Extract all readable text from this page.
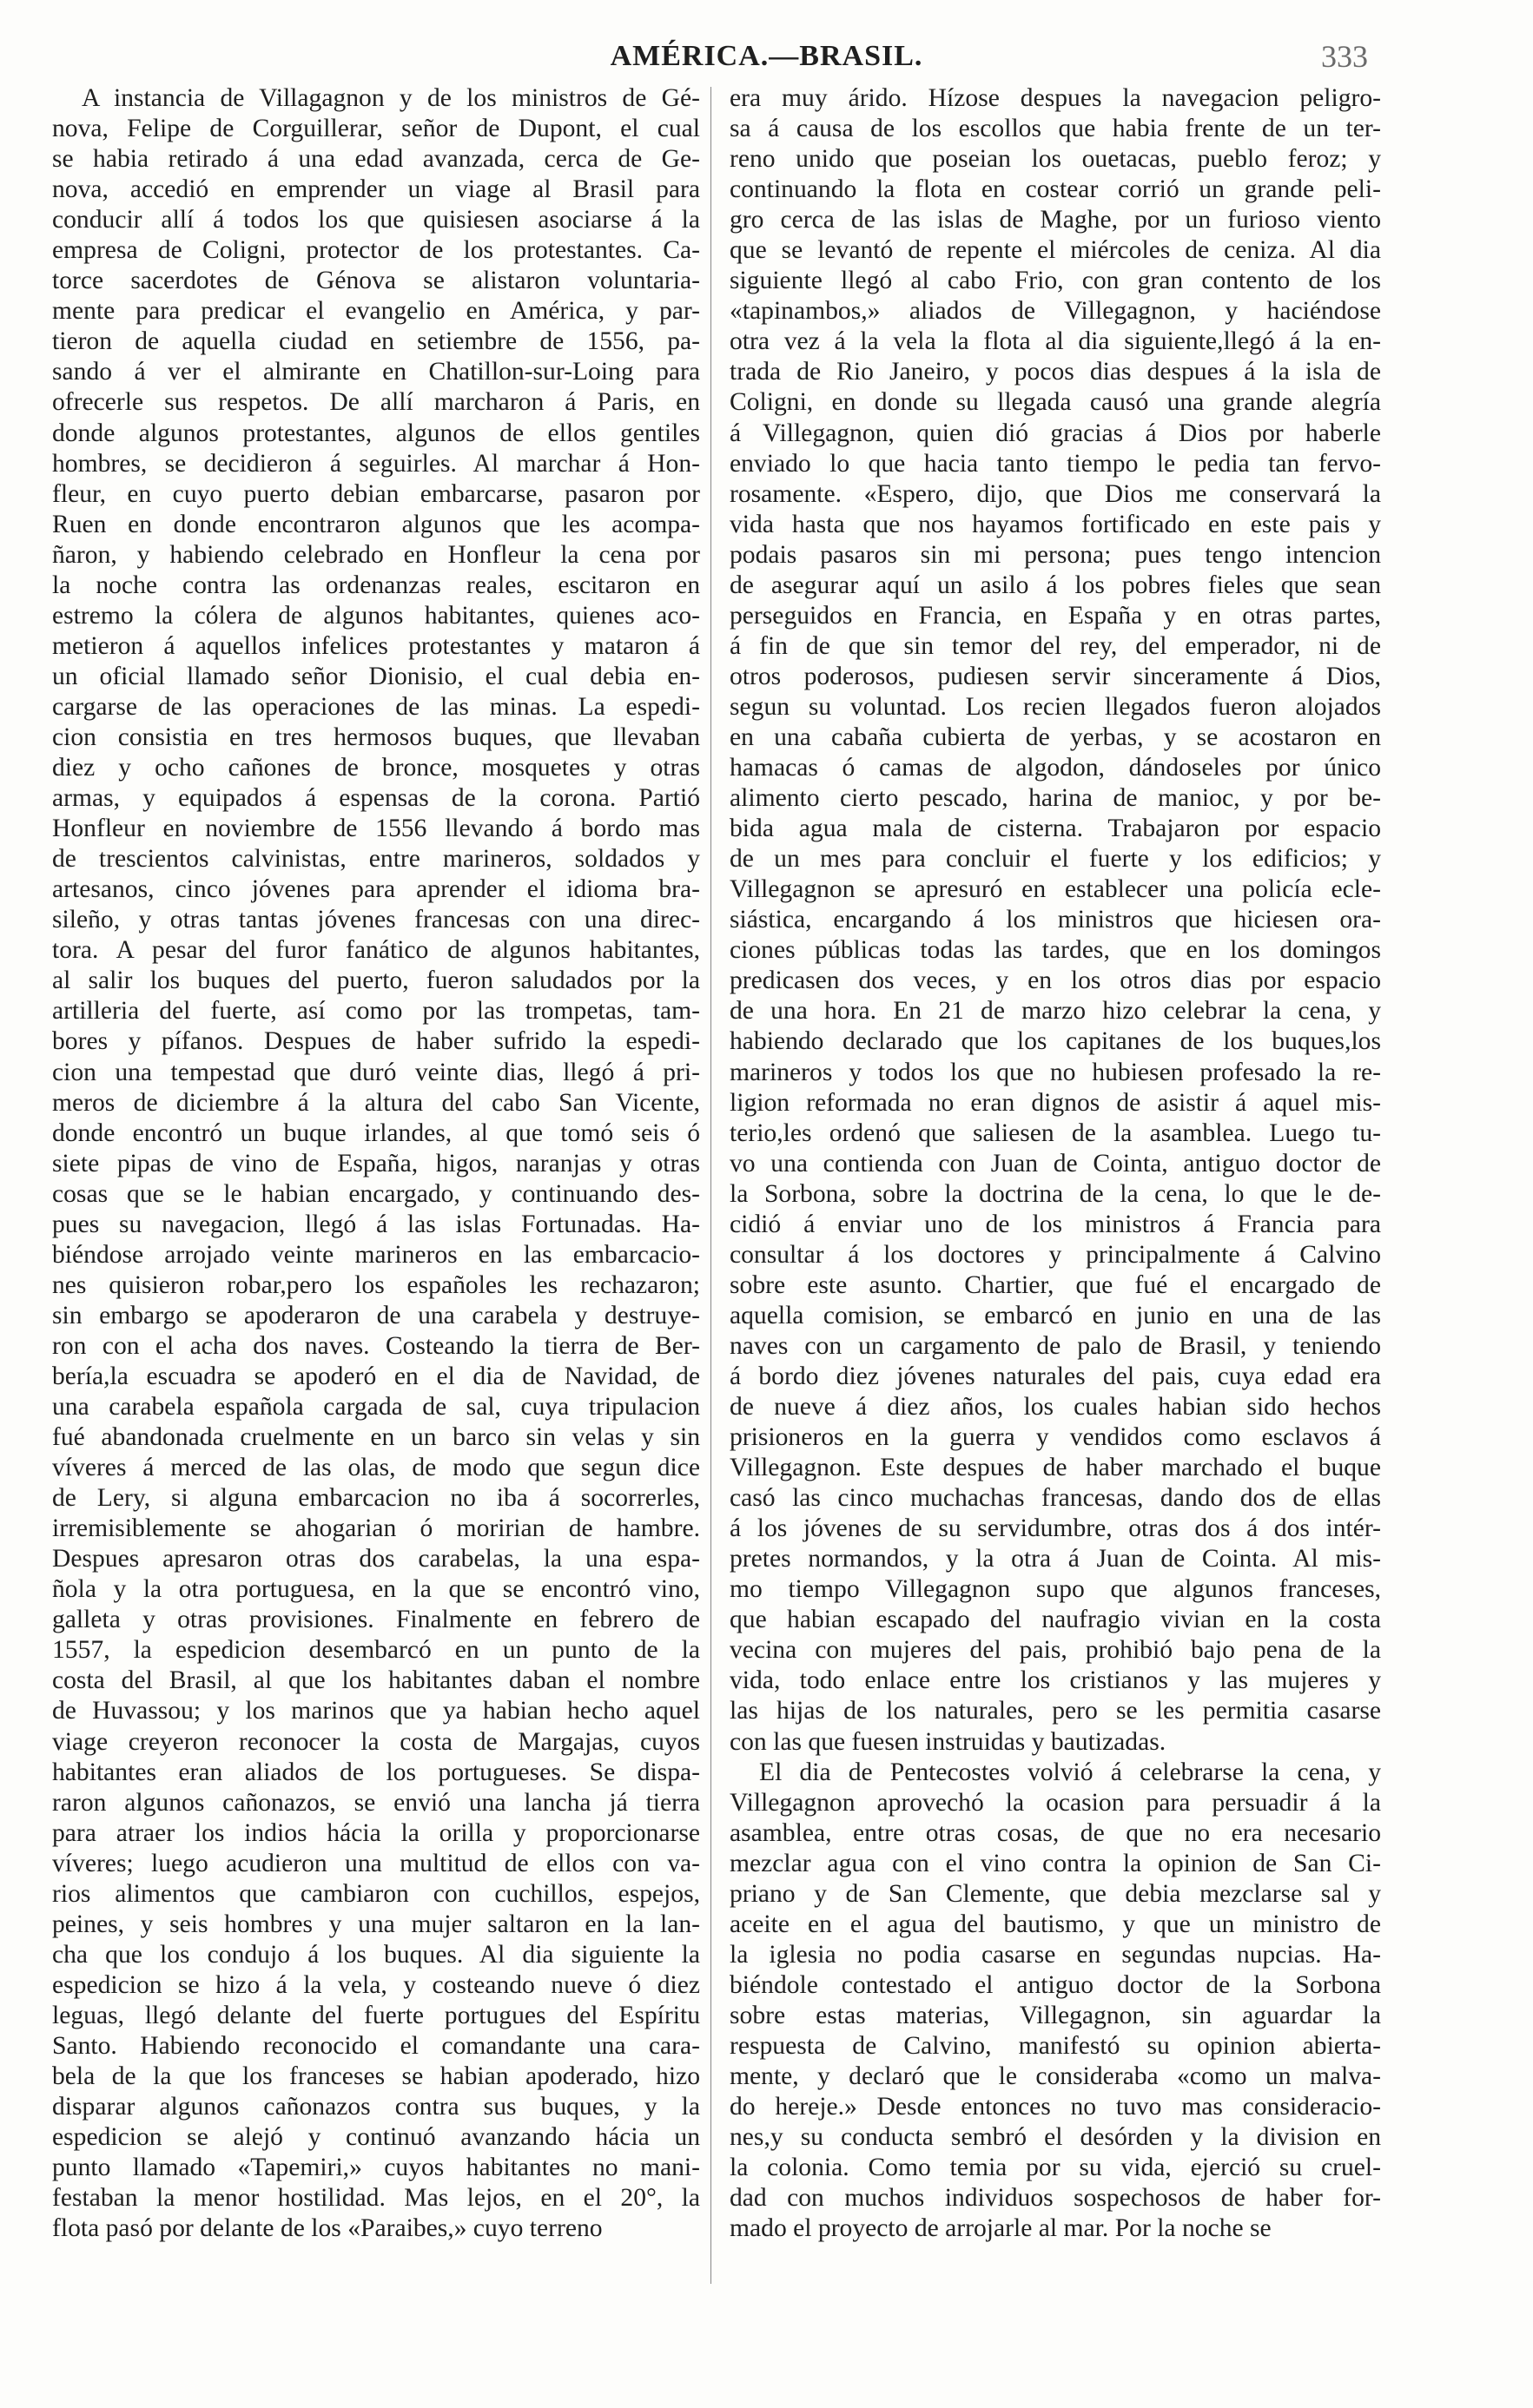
AMÉRICA.—BRASIL.	333

A instancia de Villagagnon y de los ministros de Gé-
nova, Felipe de Corguillerar, señor de Dupont, el cual
se habia retirado á una edad avanzada, cerca de Ge-
nova, accedió en emprender un viage al Brasil para
conducir allí á todos los que quisiesen asociarse á la
empresa de Coligni, protector de los protestantes. Ca-
torce sacerdotes de Génova se alistaron voluntaria-
mente para predicar el evangelio en América, y par-
tieron de aquella ciudad en setiembre de 1556, pa-
sando á ver el almirante en Chatillon-sur-Loing para
ofrecerle sus respetos. De allí marcharon á Paris, en
donde algunos protestantes, algunos de ellos gentiles
hombres, se decidieron á seguirles. Al marchar á Hon-
fleur, en cuyo puerto debian embarcarse, pasaron por
Ruen en donde encontraron algunos que les acompa-
ñaron, y habiendo celebrado en Honfleur la cena por
la noche contra las ordenanzas reales, escitaron en
estremo la cólera de algunos habitantes, quienes aco-
metieron á aquellos infelices protestantes y mataron á
un oficial llamado señor Dionisio, el cual debia en-
cargarse de las operaciones de las minas. La espedi-
cion consistia en tres hermosos buques, que llevaban
diez y ocho cañones de bronce, mosquetes y otras
armas, y equipados á espensas de la corona. Partió
Honfleur en noviembre de 1556 llevando á bordo mas
de trescientos calvinistas, entre marineros, soldados y
artesanos, cinco jóvenes para aprender el idioma bra-
sileño, y otras tantas jóvenes francesas con una direc-
tora. A pesar del furor fanático de algunos habitantes,
al salir los buques del puerto, fueron saludados por la
artilleria del fuerte, así como por las trompetas, tam-
bores y pífanos. Despues de haber sufrido la espedi-
cion una tempestad que duró veinte dias, llegó á pri-
meros de diciembre á la altura del cabo San Vicente,
donde encontró un buque irlandes, al que tomó seis ó
siete pipas de vino de España, higos, naranjas y otras
cosas que se le habian encargado, y continuando des-
pues su navegacion, llegó á las islas Fortunadas. Ha-
biéndose arrojado veinte marineros en las embarcacio-
nes quisieron robar,pero los españoles les rechazaron;
sin embargo se apoderaron de una carabela y destruye-
ron con el acha dos naves. Costeando la tierra de Ber-
bería,la escuadra se apoderó en el dia de Navidad, de
una carabela española cargada de sal, cuya tripulacion
fué abandonada cruelmente en un barco sin velas y sin
víveres á merced de las olas, de modo que segun dice
de Lery, si alguna embarcacion no iba á socorrerles,
irremisiblemente se ahogarian ó moririan de hambre.
Despues apresaron otras dos carabelas, la una espa-
ñola y la otra portuguesa, en la que se encontró vino,
galleta y otras provisiones. Finalmente en febrero de
1557, la espedicion desembarcó en un punto de la
costa del Brasil, al que los habitantes daban el nombre
de Huvassou; y los marinos que ya habian hecho aquel
viage creyeron reconocer la costa de Margajas, cuyos
habitantes eran aliados de los portugueses. Se dispa-
raron algunos cañonazos, se envió una lancha já tierra
para atraer los indios hácia la orilla y proporcionarse
víveres; luego acudieron una multitud de ellos con va-
rios alimentos que cambiaron con cuchillos, espejos,
peines, y seis hombres y una mujer saltaron en la lan-
cha que los condujo á los buques. Al dia siguiente la
espedicion se hizo á la vela, y costeando nueve ó diez
leguas, llegó delante del fuerte portugues del Espíritu
Santo. Habiendo reconocido el comandante una cara-
bela de la que los franceses se habian apoderado, hizo
disparar algunos cañonazos contra sus buques, y la
espedicion se alejó y continuó avanzando hácia un
punto llamado «Tapemiri,» cuyos habitantes no mani-
festaban la menor hostilidad. Mas lejos, en el 20°, la
flota pasó por delante de los «Paraibes,» cuyo terreno

era muy árido. Hízose despues la navegacion peligro-
sa á causa de los escollos que habia frente de un ter-
reno unido que poseian los ouetacas, pueblo feroz; y
continuando la flota en costear corrió un grande peli-
gro cerca de las islas de Maghe, por un furioso viento
que se levantó de repente el miércoles de ceniza. Al dia
siguiente llegó al cabo Frio, con gran contento de los
«tapinambos,» aliados de Villegagnon, y haciéndose
otra vez á la vela la flota al dia siguiente,llegó á la en-
trada de Rio Janeiro, y pocos dias despues á la isla de
Coligni, en donde su llegada causó una grande alegría
á Villegagnon, quien dió gracias á Dios por haberle
enviado lo que hacia tanto tiempo le pedia tan fervo-
rosamente. «Espero, dijo, que Dios me conservará la
vida hasta que nos hayamos fortificado en este pais y
podais pasaros sin mi persona; pues tengo intencion
de asegurar aquí un asilo á los pobres fieles que sean
perseguidos en Francia, en España y en otras partes,
á fin de que sin temor del rey, del emperador, ni de
otros poderosos, pudiesen servir sinceramente á Dios,
segun su voluntad. Los recien llegados fueron alojados
en una cabaña cubierta de yerbas, y se acostaron en
hamacas ó camas de algodon, dándoseles por único
alimento cierto pescado, harina de manioc, y por be-
bida agua mala de cisterna. Trabajaron por espacio
de un mes para concluir el fuerte y los edificios; y
Villegagnon se apresuró en establecer una policía ecle-
siástica, encargando á los ministros que hiciesen ora-
ciones públicas todas las tardes, que en los domingos
predicasen dos veces, y en los otros dias por espacio
de una hora. En 21 de marzo hizo celebrar la cena, y
habiendo declarado que los capitanes de los buques,los
marineros y todos los que no hubiesen profesado la re-
ligion reformada no eran dignos de asistir á aquel mis-
terio,les ordenó que saliesen de la asamblea. Luego tu-
vo una contienda con Juan de Cointa, antiguo doctor de
la Sorbona, sobre la doctrina de la cena, lo que le de-
cidió á enviar uno de los ministros á Francia para
consultar á los doctores y principalmente á Calvino
sobre este asunto. Chartier, que fué el encargado de
aquella comision, se embarcó en junio en una de las
naves con un cargamento de palo de Brasil, y teniendo
á bordo diez jóvenes naturales del pais, cuya edad era
de nueve á diez años, los cuales habian sido hechos
prisioneros en la guerra y vendidos como esclavos á
Villegagnon. Este despues de haber marchado el buque
casó las cinco muchachas francesas, dando dos de ellas
á los jóvenes de su servidumbre, otras dos á dos intér-
pretes normandos, y la otra á Juan de Cointa. Al mis-
mo tiempo Villegagnon supo que algunos franceses,
que habian escapado del naufragio vivian en la costa
vecina con mujeres del pais, prohibió bajo pena de la
vida, todo enlace entre los cristianos y las mujeres y
las hijas de los naturales, pero se les permitia casarse
con las que fuesen instruidas y bautizadas.

El dia de Pentecostes volvió á celebrarse la cena, y
Villegagnon aprovechó la ocasion para persuadir á la
asamblea, entre otras cosas, de que no era necesario
mezclar agua con el vino contra la opinion de San Ci-
priano y de San Clemente, que debia mezclarse sal y
aceite en el agua del bautismo, y que un ministro de
la iglesia no podia casarse en segundas nupcias. Ha-
biéndole contestado el antiguo doctor de la Sorbona
sobre estas materias, Villegagnon, sin aguardar la
respuesta de Calvino, manifestó su opinion abierta-
mente, y declaró que le consideraba «como un malva-
do hereje.» Desde entonces no tuvo mas consideracio-
nes,y su conducta sembró el desórden y la division en
la colonia. Como temia por su vida, ejerció su cruel-
dad con muchos individuos sospechosos de haber for-
mado el proyecto de arrojarle al mar. Por la noche se
